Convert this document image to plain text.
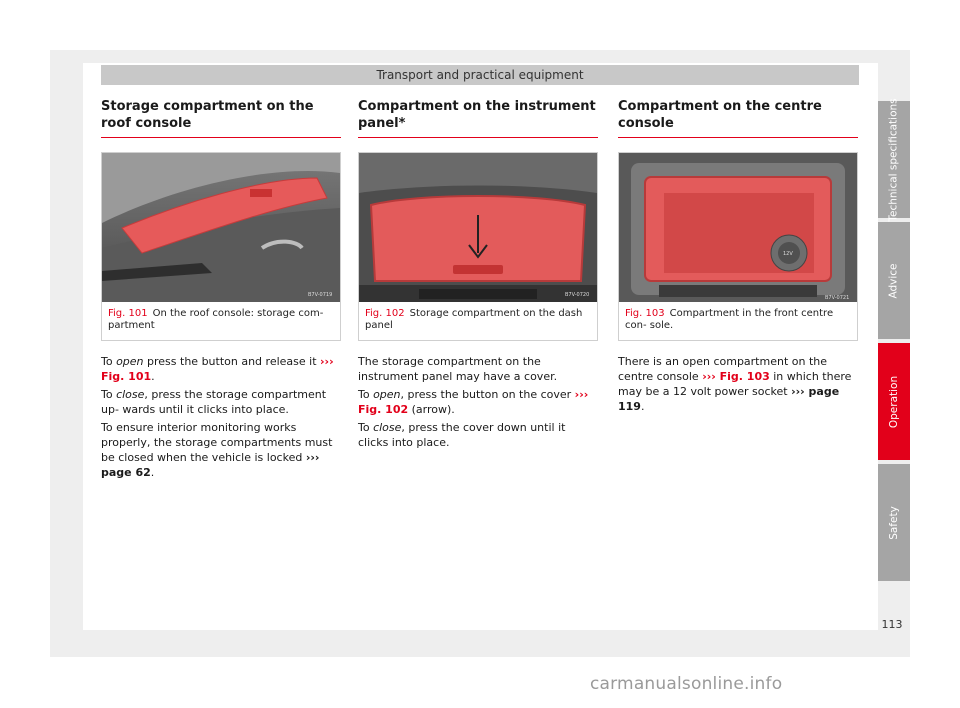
Transport and practical equipment
Storage compartment on the roof console
B7V-0719
Fig. 101 On the roof console: storage com- partment

To open press the button and release it ››› Fig. 101.

To close, press the storage compartment up- wards until it clicks into place.

To ensure interior monitoring works properly, the storage compartments must be closed when the vehicle is locked ››› page 62.

Compartment on the instrument panel*
B7V-0720
Fig. 102 Storage compartment on the dash panel

The storage compartment on the instrument panel may have a cover.

To open, press the button on the cover ››› Fig. 102 (arrow).

To close, press the cover down until it clicks into place.

Compartment on the centre console
12V
B7V-0721
Fig. 103 Compartment in the front centre con- sole.

There is an open compartment on the centre console ››› Fig. 103 in which there may be a 12 volt power socket ››› page 119.

Technical specifications
Advice
Operation
Safety
113
carmanualsonline.info
